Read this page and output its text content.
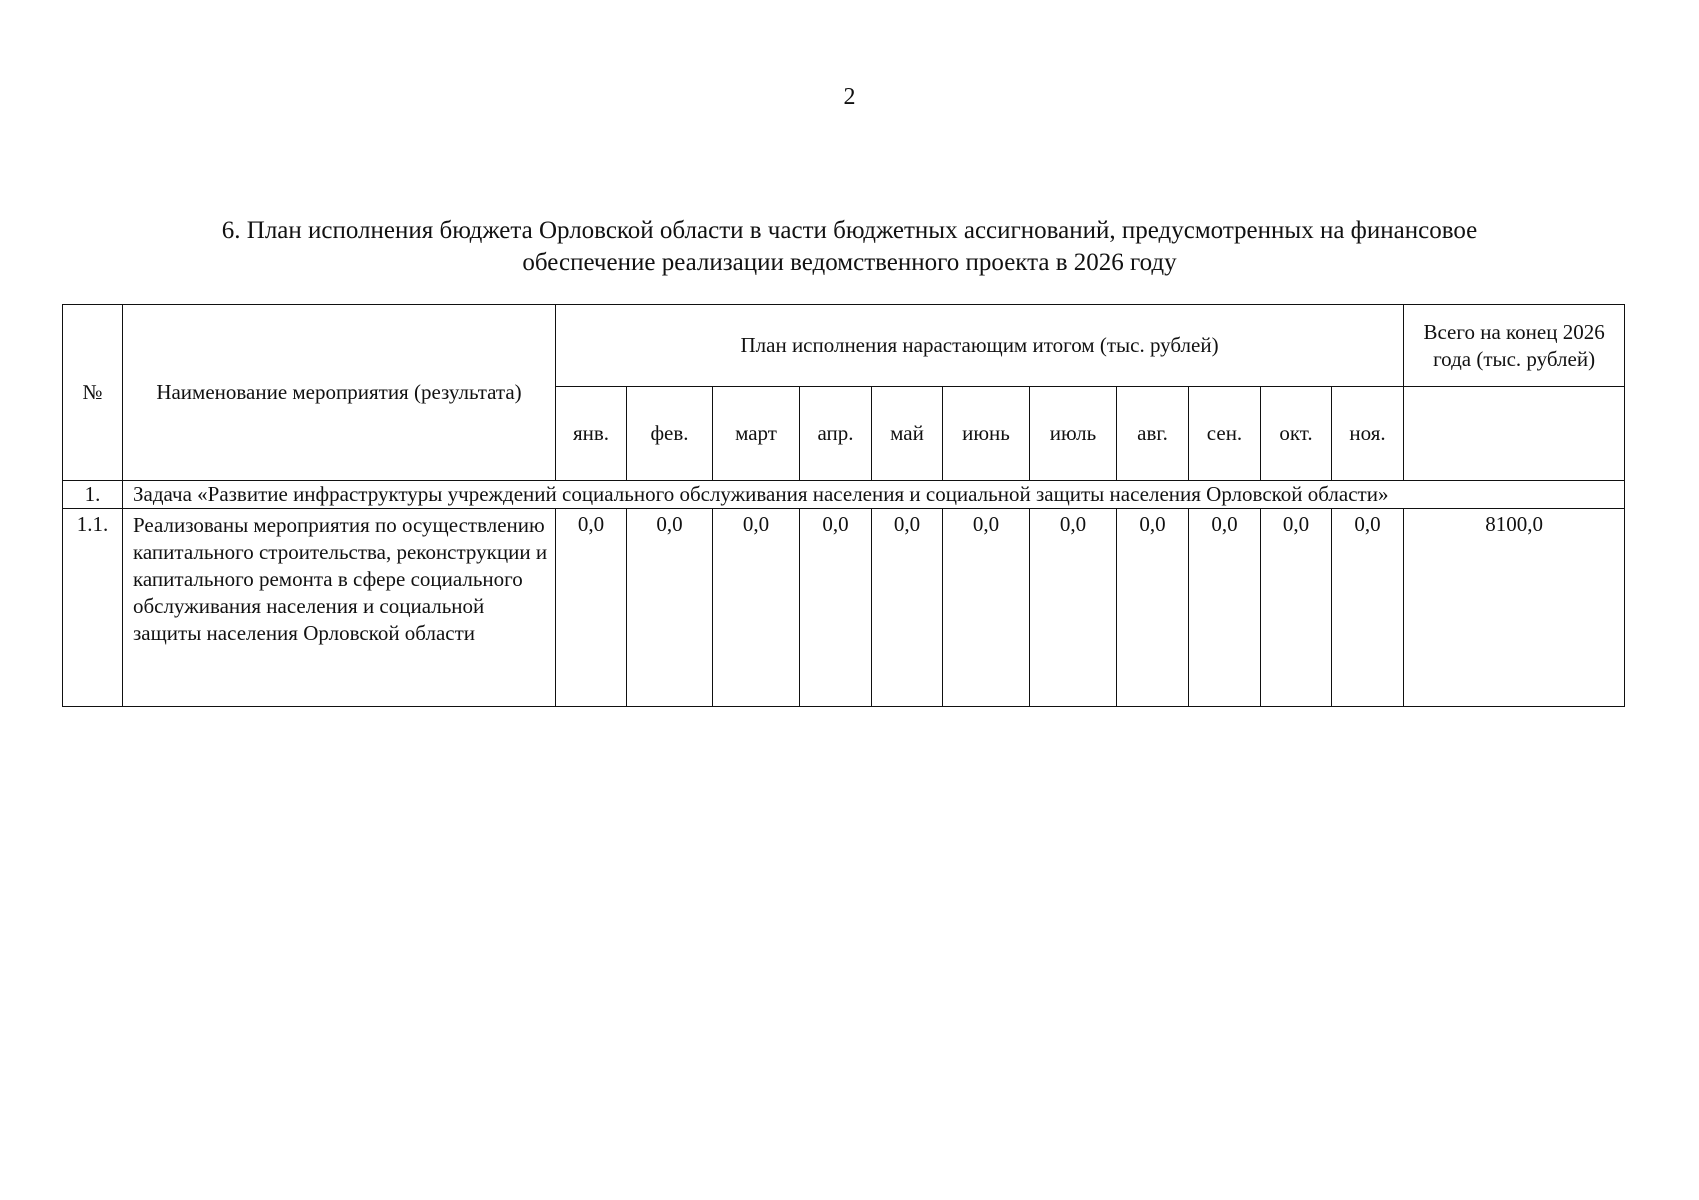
2
6. План исполнения бюджета Орловской области в части бюджетных ассигнований, предусмотренных на финансовое
обеспечение реализации ведомственного проекта в 2026 году
№	Наименование мероприятия (результата)	План исполнения нарастающим итогом (тыс. рублей)											Всего на конец 2026 года (тыс. рублей)
		янв.	фев.	март	апр.	май	июнь	июль	авг.	сен.	окт.	ноя.	
1.	Задача «Развитие инфраструктуры учреждений социального обслуживания населения и социальной защиты населения Орловской области»												
1.1.	Реализованы мероприятия по осуществлению капитального строительства, реконструкции и капитального ремонта в сфере социального обслуживания населения и социальной защиты населения Орловской области	0,0	0,0	0,0	0,0	0,0	0,0	0,0	0,0	0,0	0,0	0,0	8100,0
